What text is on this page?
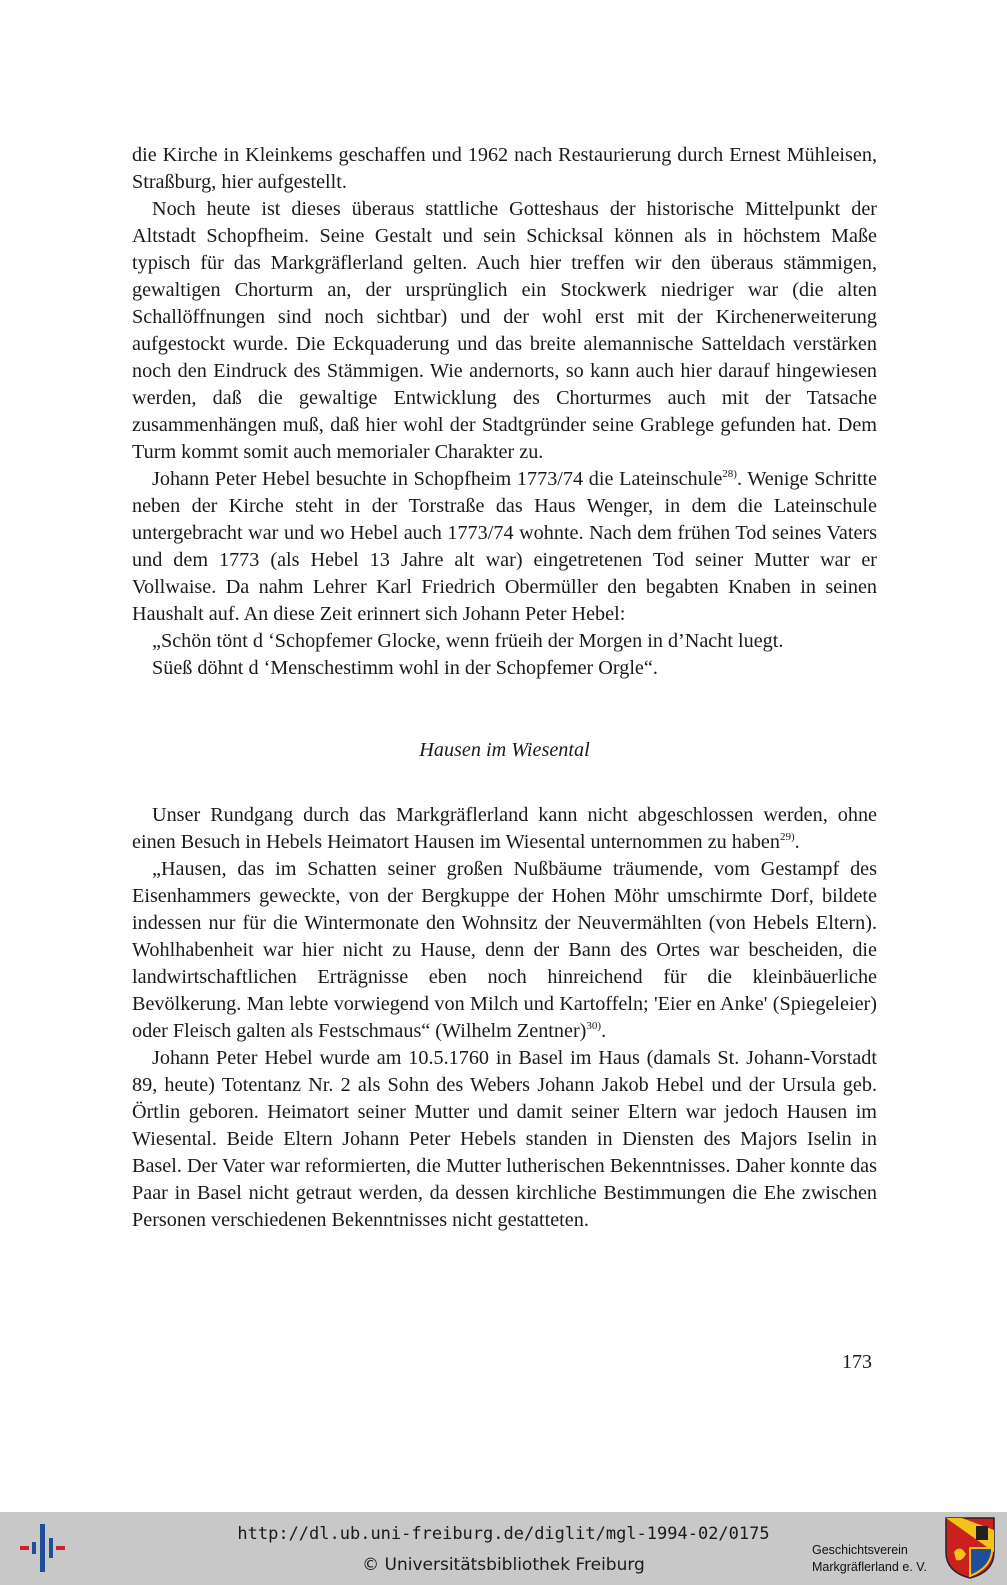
die Kirche in Kleinkems geschaffen und 1962 nach Restaurierung durch Ernest Mühleisen, Straßburg, hier aufgestellt.

Noch heute ist dieses überaus stattliche Gotteshaus der historische Mittelpunkt der Altstadt Schopfheim. Seine Gestalt und sein Schicksal können als in höchstem Maße typisch für das Markgräflerland gelten. Auch hier treffen wir den überaus stämmigen, gewaltigen Chorturm an, der ursprünglich ein Stockwerk niedriger war (die alten Schallöffnungen sind noch sichtbar) und der wohl erst mit der Kirchenerweiterung aufgestockt wurde. Die Eckquaderung und das breite alemannische Satteldach verstärken noch den Eindruck des Stämmigen. Wie andernorts, so kann auch hier darauf hingewiesen werden, daß die gewaltige Entwicklung des Chorturmes auch mit der Tatsache zusammenhängen muß, daß hier wohl der Stadtgründer seine Grablege gefunden hat. Dem Turm kommt somit auch memorialer Charakter zu.

Johann Peter Hebel besuchte in Schopfheim 1773/74 die Lateinschule$^{28)}$. Wenige Schritte neben der Kirche steht in der Torstraße das Haus Wenger, in dem die Lateinschule untergebracht war und wo Hebel auch 1773/74 wohnte. Nach dem frühen Tod seines Vaters und dem 1773 (als Hebel 13 Jahre alt war) eingetretenen Tod seiner Mutter war er Vollwaise. Da nahm Lehrer Karl Friedrich Obermüller den begabten Knaben in seinen Haushalt auf. An diese Zeit erinnert sich Johann Peter Hebel:

„Schön tönt d ‘Schopfemer Glocke, wenn früeih der Morgen in d’Nacht luegt.

Süeß döhnt d ‘Menschestimm wohl in der Schopfemer Orgle“.

Hausen im Wiesental

Unser Rundgang durch das Markgräflerland kann nicht abgeschlossen werden, ohne einen Besuch in Hebels Heimatort Hausen im Wiesental unternommen zu haben$^{29)}$.

„Hausen, das im Schatten seiner großen Nußbäume träumende, vom Gestampf des Eisenhammers geweckte, von der Bergkuppe der Hohen Möhr umschirmte Dorf, bildete indessen nur für die Wintermonate den Wohnsitz der Neuvermählten (von Hebels Eltern). Wohlhabenheit war hier nicht zu Hause, denn der Bann des Ortes war bescheiden, die landwirtschaftlichen Erträgnisse eben noch hinreichend für die kleinbäuerliche Bevölkerung. Man lebte vorwiegend von Milch und Kartoffeln; 'Eier en Anke' (Spiegeleier) oder Fleisch galten als Festschmaus“ (Wilhelm Zentner)$^{30)}$.

Johann Peter Hebel wurde am 10.5.1760 in Basel im Haus (damals St. Johann-Vorstadt 89, heute) Totentanz Nr. 2 als Sohn des Webers Johann Jakob Hebel und der Ursula geb. Örtlin geboren. Heimatort seiner Mutter und damit seiner Eltern war jedoch Hausen im Wiesental. Beide Eltern Johann Peter Hebels standen in Diensten des Majors Iselin in Basel. Der Vater war reformierten, die Mutter lutherischen Bekenntnisses. Daher konnte das Paar in Basel nicht getraut werden, da dessen kirchliche Bestimmungen die Ehe zwischen Personen verschiedenen Bekenntnisses nicht gestatteten.

173
http://dl.ub.uni-freiburg.de/diglit/mgl-1994-02/0175
© Universitätsbibliothek Freiburg
Geschichtsverein
Markgräflerland e. V.
